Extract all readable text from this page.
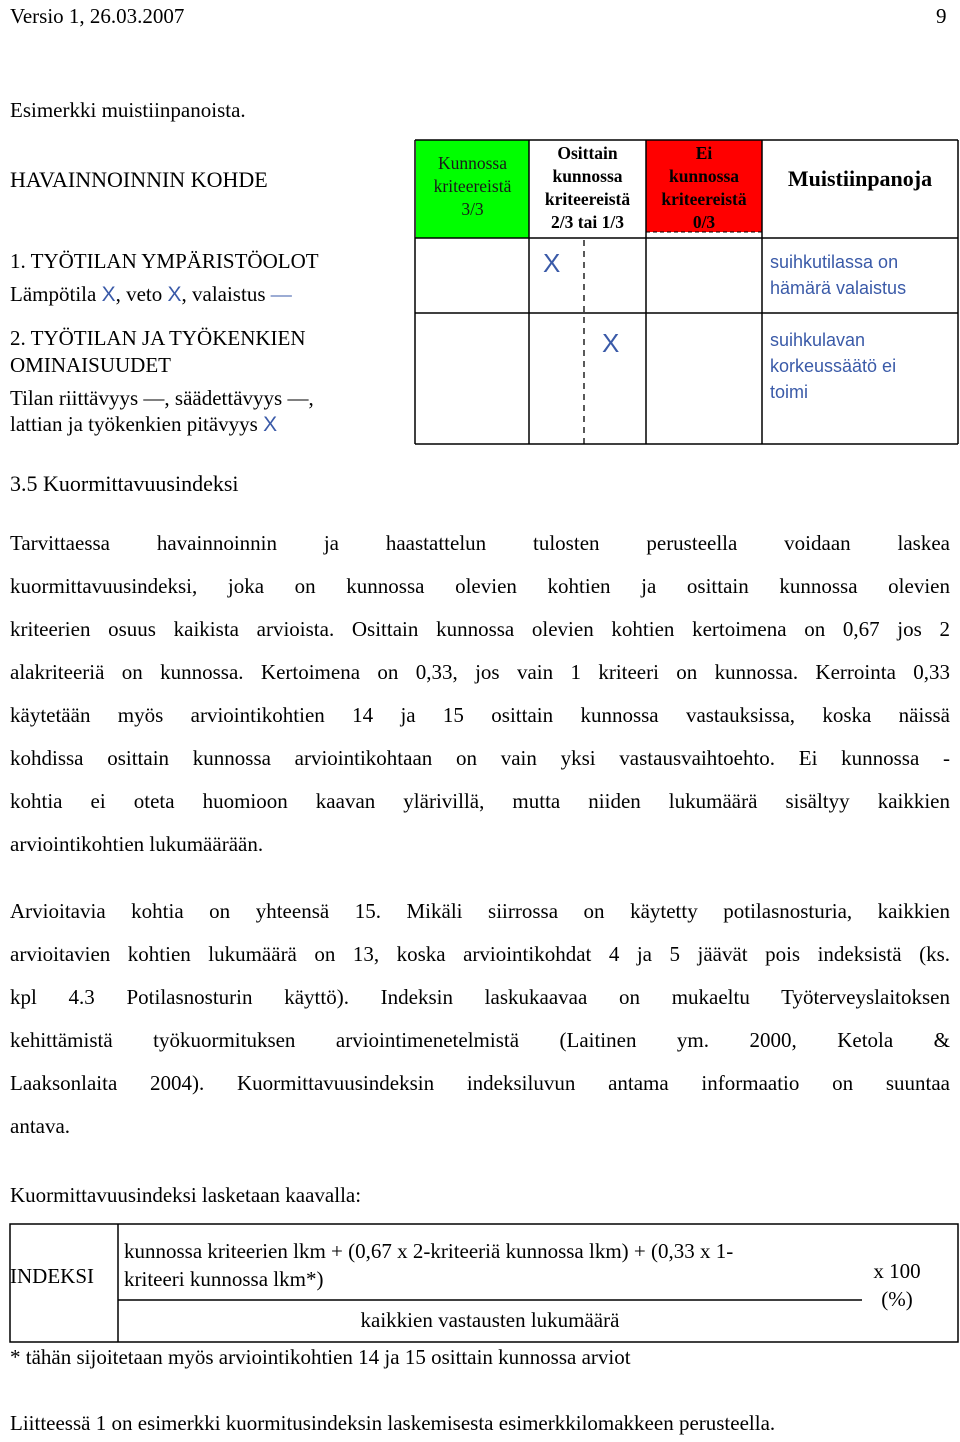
Versio 1, 26.03.2007	9
Esimerkki muistiinpanoista.
HAVAINNOINNIN KOHDE
1. TYÖTILAN YMPÄRISTÖOLOT
Lämpötila X, veto X, valaistus —
2. TYÖTILAN JA TYÖKENKIEN
OMINAISUUDET
Tilan riittävyys —, säädettävyys —,
lattian ja työkenkien pitävyys X
Kunnossa
kriteereistä
3/3
Osittain
kunnossa
kriteereistä
2/3 tai 1/3
Ei
kunnossa
kriteereistä
0/3
Muistiinpanoja
X
X
suihkutilassa on
hämärä valaistus
suihkulavan
korkeussäätö ei
toimi
3.5 Kuormittavuusindeksi
Tarvittaessa havainnoinnin ja haastattelun tulosten perusteella voidaan laskea
kuormittavuusindeksi, joka on kunnossa olevien kohtien ja osittain kunnossa olevien
kriteerien osuus kaikista arvioista. Osittain kunnossa olevien kohtien kertoimena on 0,67 jos 2
alakriteeriä on kunnossa. Kertoimena on 0,33, jos vain 1 kriteeri on kunnossa. Kerrointa 0,33
käytetään myös arviointikohtien 14 ja 15 osittain kunnossa vastauksissa, koska näissä
kohdissa osittain kunnossa arviointikohtaan on vain yksi vastausvaihtoehto. Ei kunnossa -
kohtia ei oteta huomioon kaavan ylärivillä, mutta niiden lukumäärä sisältyy kaikkien
arviointikohtien lukumäärään.
Arvioitavia kohtia on yhteensä 15. Mikäli siirrossa on käytetty potilasnosturia, kaikkien
arvioitavien kohtien lukumäärä on 13, koska arviointikohdat 4 ja 5 jäävät pois indeksistä (ks.
kpl 4.3 Potilasnosturin käyttö). Indeksin laskukaavaa on mukaeltu Työterveyslaitoksen
kehittämistä työkuormituksen arviointimenetelmistä (Laitinen ym. 2000, Ketola &
Laaksonlaita 2004). Kuormittavuusindeksin indeksiluvun antama informaatio on suuntaa
antava.
Kuormittavuusindeksi lasketaan kaavalla:
INDEKSI
kunnossa kriteerien lkm + (0,67 x 2-kriteeriä kunnossa lkm) + (0,33 x 1-
kriteeri kunnossa lkm*)
kaikkien vastausten lukumäärä
x 100
(%)
* tähän sijoitetaan myös arviointikohtien 14 ja 15 osittain kunnossa arviot
Liitteessä 1 on esimerkki kuormitusindeksin laskemisesta esimerkkilomakkeen perusteella.
